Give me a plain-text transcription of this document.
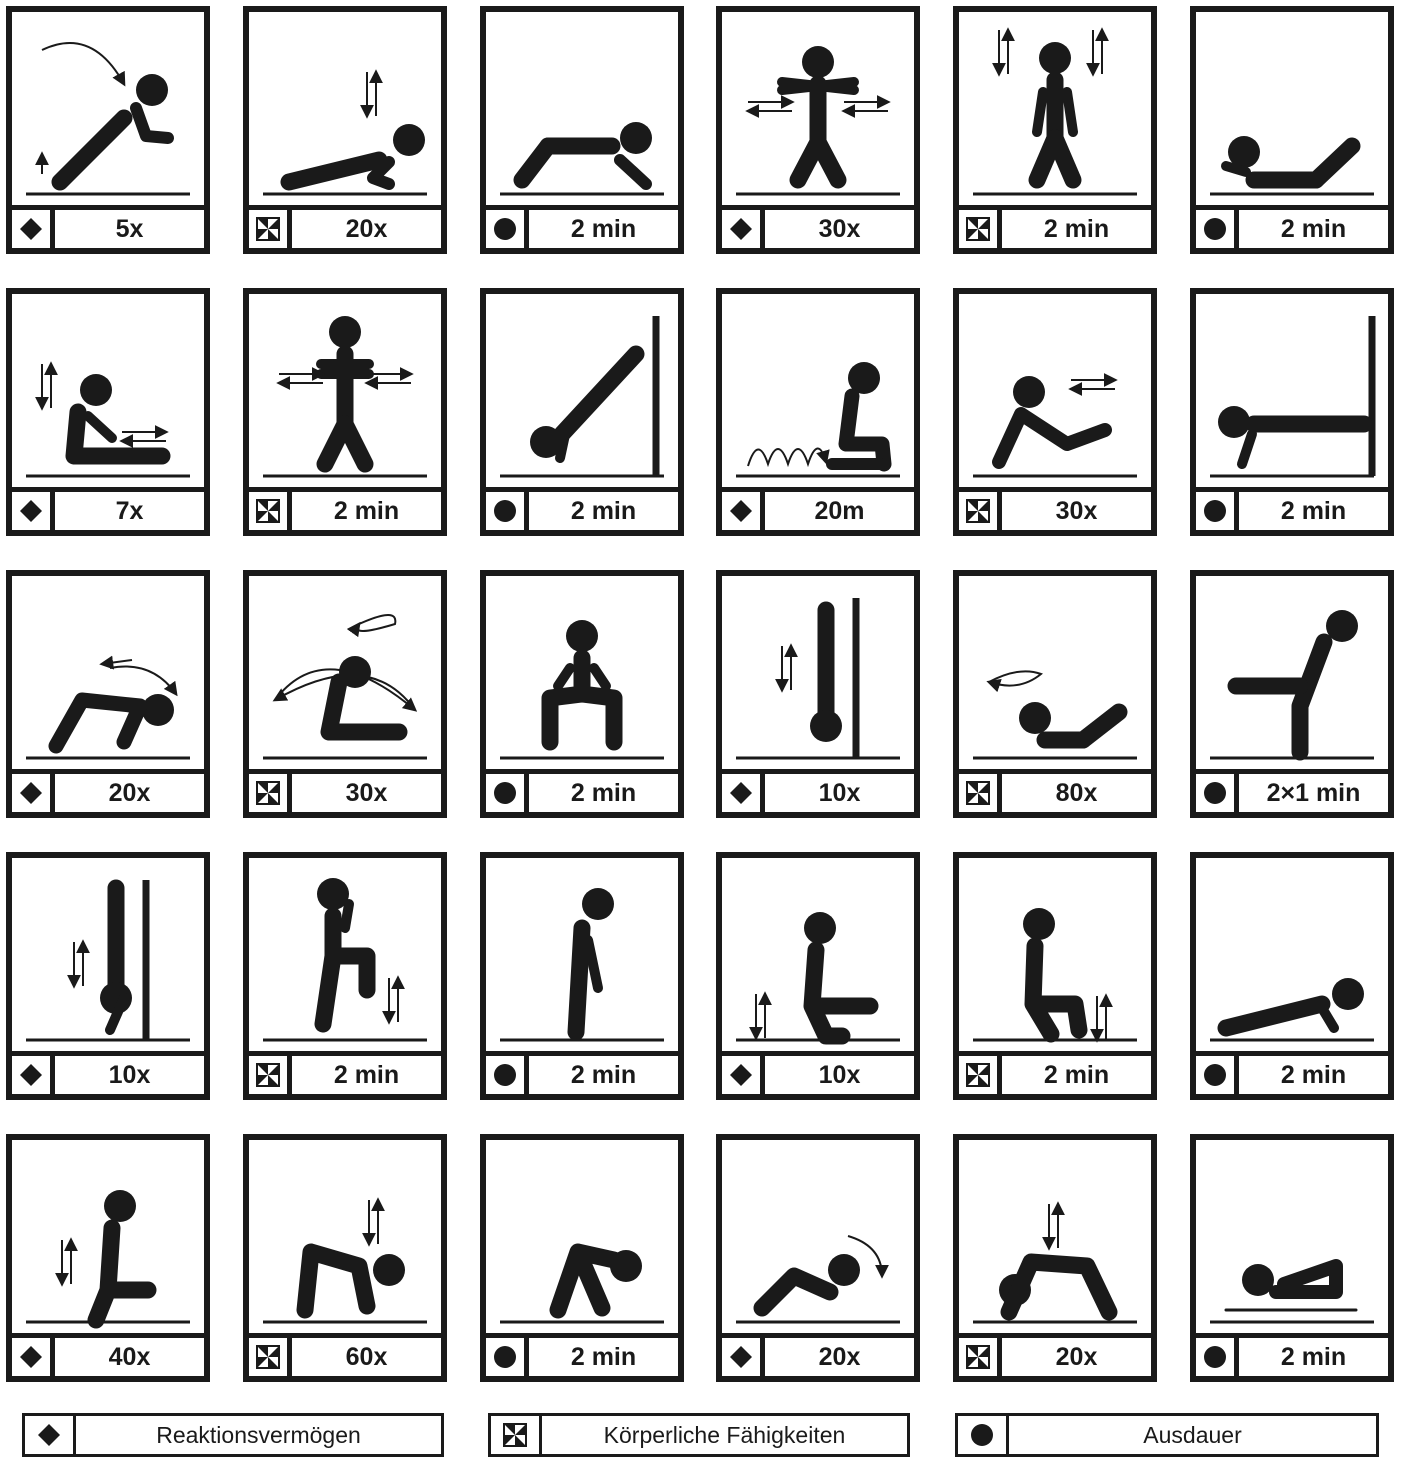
5x	20x	2 min	30x	2 min	2 min
7x	2 min	2 min	20m	30x	2 min
20x	30x	2 min	10x	80x	2×1 min
10x	2 min	2 min	10x	2 min	2 min
40x	60x	2 min	20x	20x	2 min
Reaktionsvermögen	Körperliche Fähigkeiten	Ausdauer
